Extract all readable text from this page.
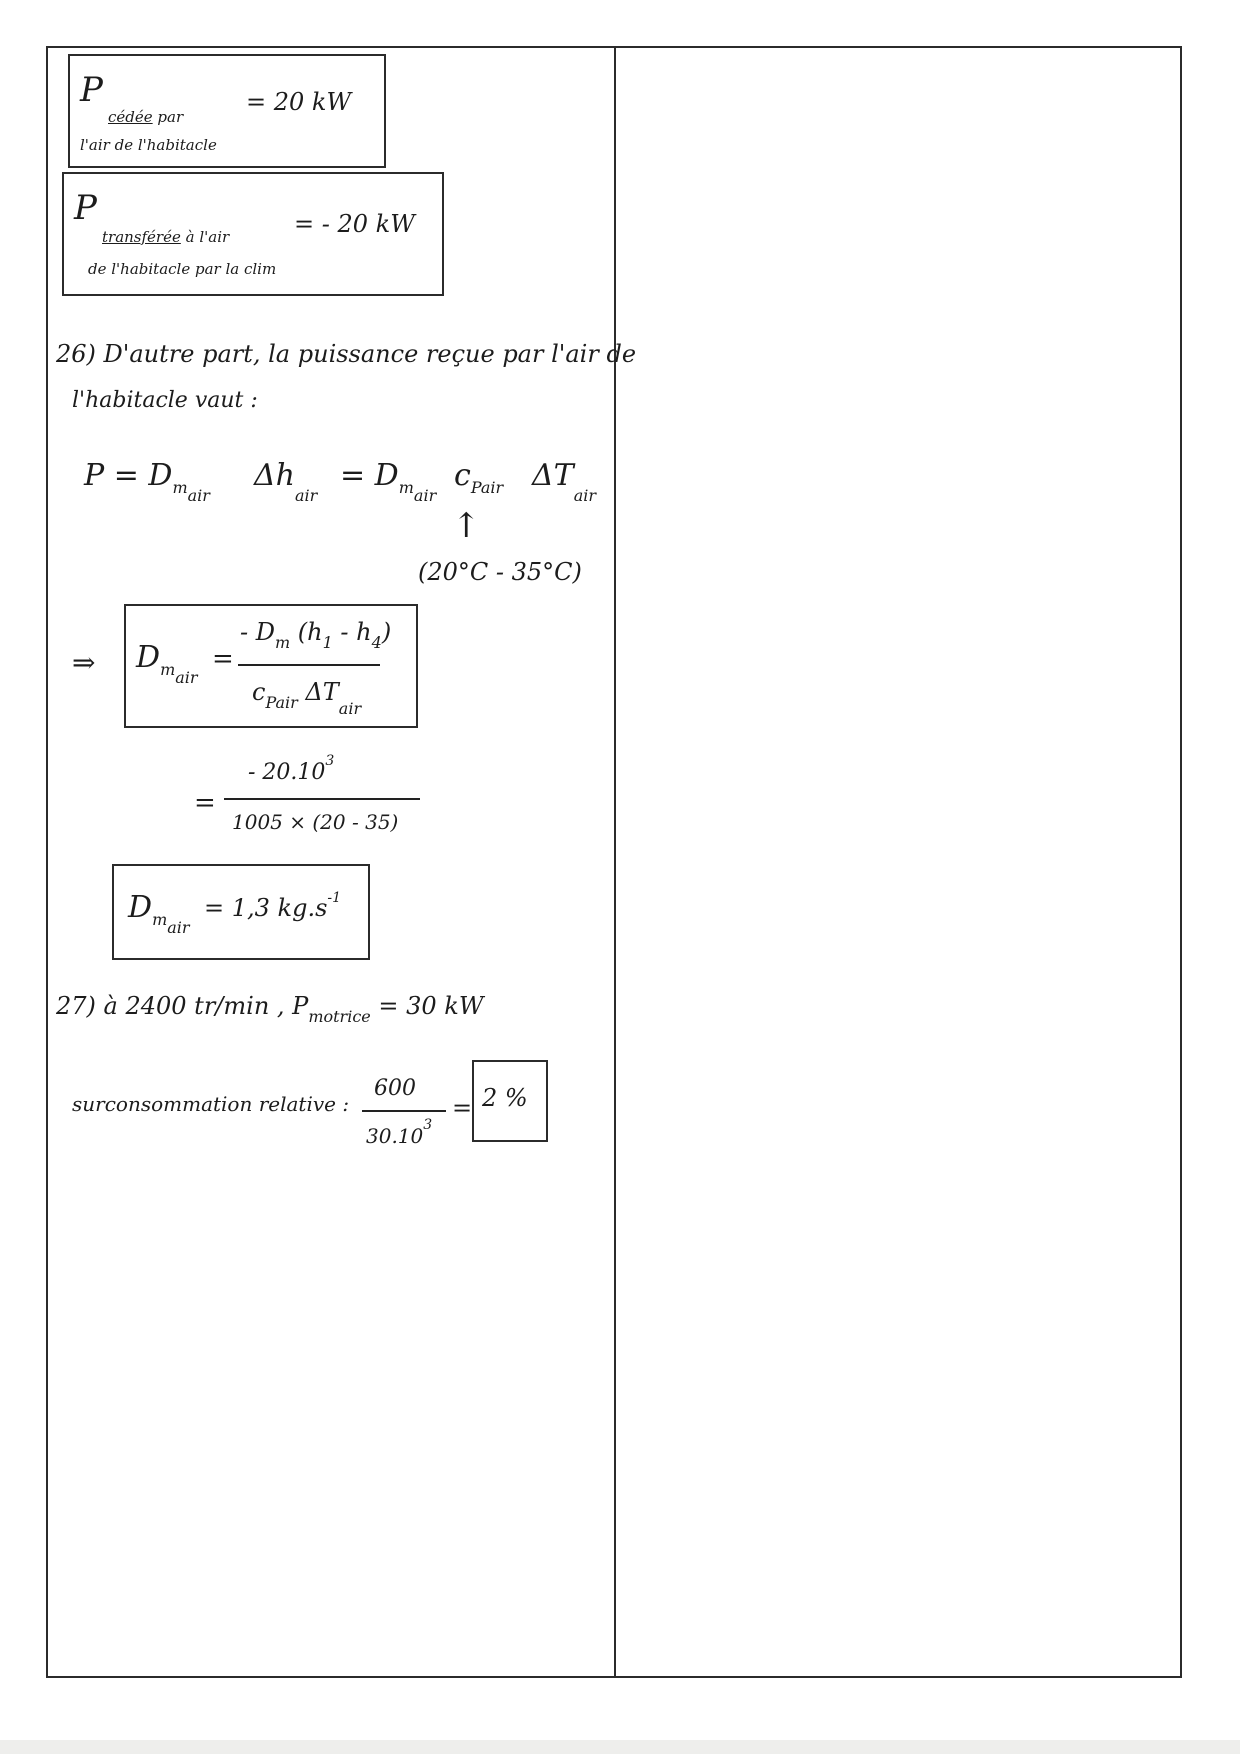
P
cédée par
l'air de l'habitacle
= 20 kW
P
transférée à l'air
de l'habitacle par la clim
= - 20 kW
26) D'autre part, la puissance reçue par l'air de
l'habitacle vaut :
$P = D_{mair}$
$\Delta h_{air}$
= $D_{mair}$
$c_{Pair}$ $\Delta T_{air}$
↑
(20°C - 35°C)
⇒ $D_{mair}$
=
- $D_m$ $(h_1 - h_4)$
$c_{Pair}$ $\Delta T_{air}$
=
- 20.10$^3$
1005 × (20 - 35)
$D_{mair}$
= 1,3 $kg.s^{-1}$
27) à 2400 tr/min , $P_{motrice} = 30$ kW
surconsommation relative :
600
$30.10^3$
= 2 %
